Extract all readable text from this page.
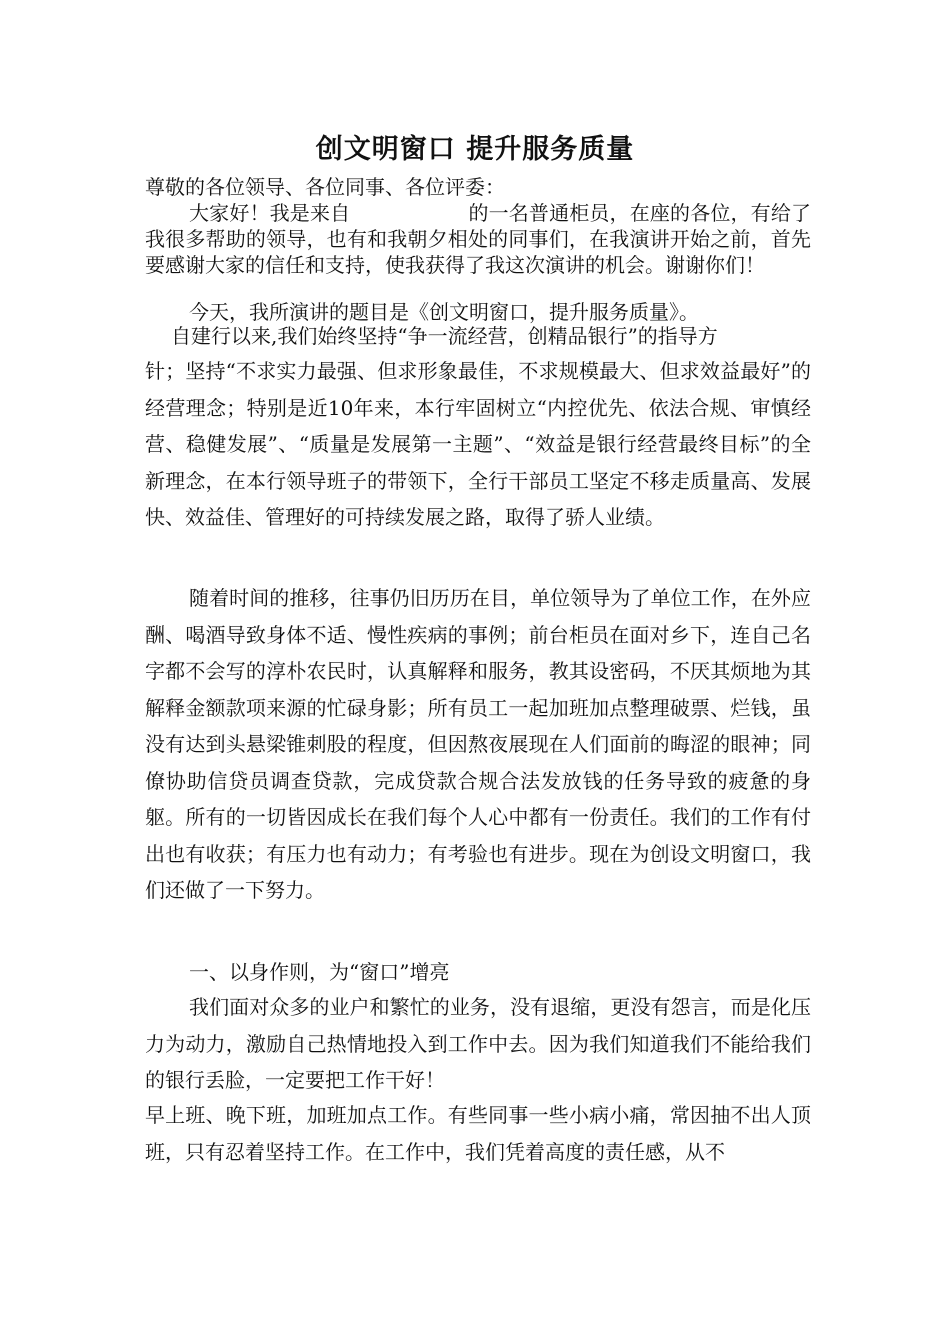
创文明窗口 提升服务质量
尊敬的各位领导、各位同事、各位评委：

大家好！我是来自	的一名普通柜员，在座的各位，有给了我很多帮助的领导，也有和我朝夕相处的同事们，在我演讲开始之前，首先要感谢大家的信任和支持，使我获得了我这次演讲的机会。谢谢你们！

今天，我所演讲的题目是《创文明窗口，提升服务质量》。

自建行以来,我们始终坚持“争一流经营，创精品银行”的指导方

针；坚持“不求实力最强、但求形象最佳，不求规模最大、但求效益最好”的经营理念；特别是近10年来，本行牢固树立“内控优先、依法合规、审慎经营、稳健发展”、“质量是发展第一主题”、“效益是银行经营最终目标”的全新理念，在本行领导班子的带领下，全行干部员工坚定不移走质量高、发展快、效益佳、管理好的可持续发展之路，取得了骄人业绩。

随着时间的推移，往事仍旧历历在目，单位领导为了单位工作，在外应酬、喝酒导致身体不适、慢性疾病的事例；前台柜员在面对乡下，连自己名字都不会写的淳朴农民时，认真解释和服务，教其设密码，不厌其烦地为其解释金额款项来源的忙碌身影；所有员工一起加班加点整理破票、烂钱，虽没有达到头悬梁锥刺股的程度，但因熬夜展现在人们面前的晦涩的眼神；同僚协助信贷员调查贷款，完成贷款合规合法发放钱的任务导致的疲惫的身躯。所有的一切皆因成长在我们每个人心中都有一份责任。我们的工作有付出也有收获；有压力也有动力；有考验也有进步。现在为创设文明窗口，我们还做了一下努力。

一、以身作则，为“窗口”增亮

我们面对众多的业户和繁忙的业务，没有退缩，更没有怨言，而是化压力为动力，激励自己热情地投入到工作中去。因为我们知道我们不能给我们的银行丢脸，一定要把工作干好！

早上班、晚下班，加班加点工作。有些同事一些小病小痛，常因抽不出人顶班，只有忍着坚持工作。在工作中，我们凭着高度的责任感，从不
